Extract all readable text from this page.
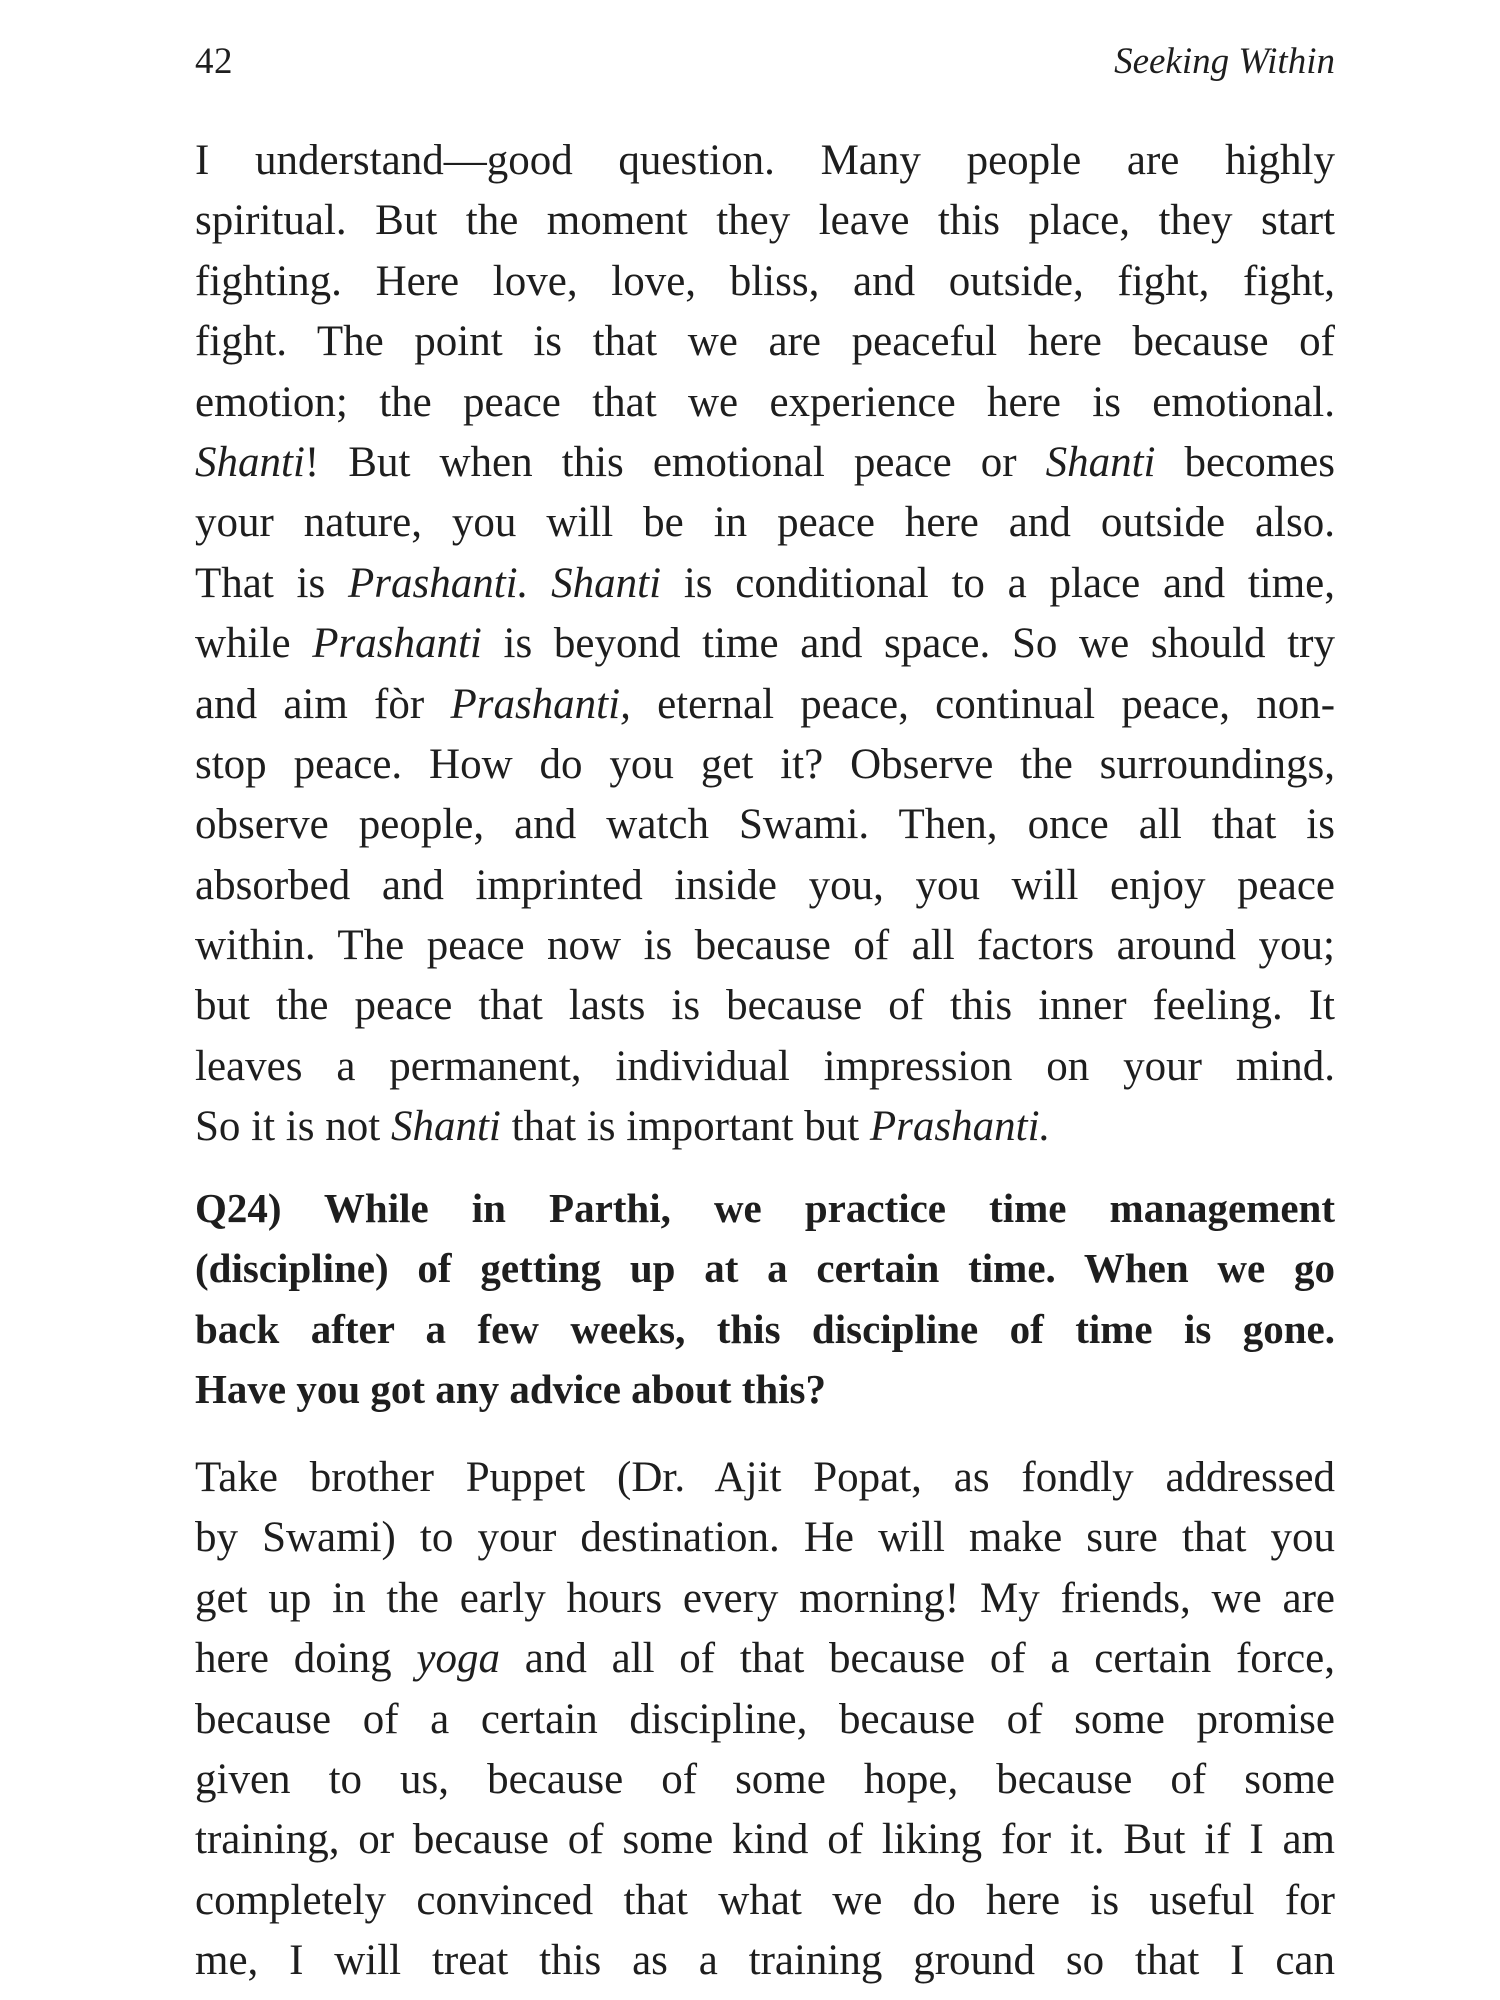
42	Seeking Within
I understand—good question. Many people are highly
spiritual. But the moment they leave this place, they start
fighting. Here love, love, bliss, and outside, fight, fight,
fight. The point is that we are peaceful here because of
emotion; the peace that we experience here is emotional.
Shanti! But when this emotional peace or Shanti becomes
your nature, you will be in peace here and outside also.
That is Prashanti. Shanti is conditional to a place and time,
while Prashanti is beyond time and space. So we should try
and aim fòr Prashanti, eternal peace, continual peace, non-
stop peace. How do you get it? Observe the surroundings,
observe people, and watch Swami. Then, once all that is
absorbed and imprinted inside you, you will enjoy peace
within. The peace now is because of all factors around you;
but the peace that lasts is because of this inner feeling. It
leaves a permanent, individual impression on your mind.
So it is not Shanti that is important but Prashanti.
Q24) While in Parthi, we practice time management
(discipline) of getting up at a certain time. When we go
back after a few weeks, this discipline of time is gone.
Have you got any advice about this?
Take brother Puppet (Dr. Ajit Popat, as fondly addressed
by Swami) to your destination. He will make sure that you
get up in the early hours every morning! My friends, we are
here doing yoga and all of that because of a certain force,
because of a certain discipline, because of some promise
given to us, because of some hope, because of some
training, or because of some kind of liking for it. But if I am
completely convinced that what we do here is useful for
me, I will treat this as a training ground so that I can
